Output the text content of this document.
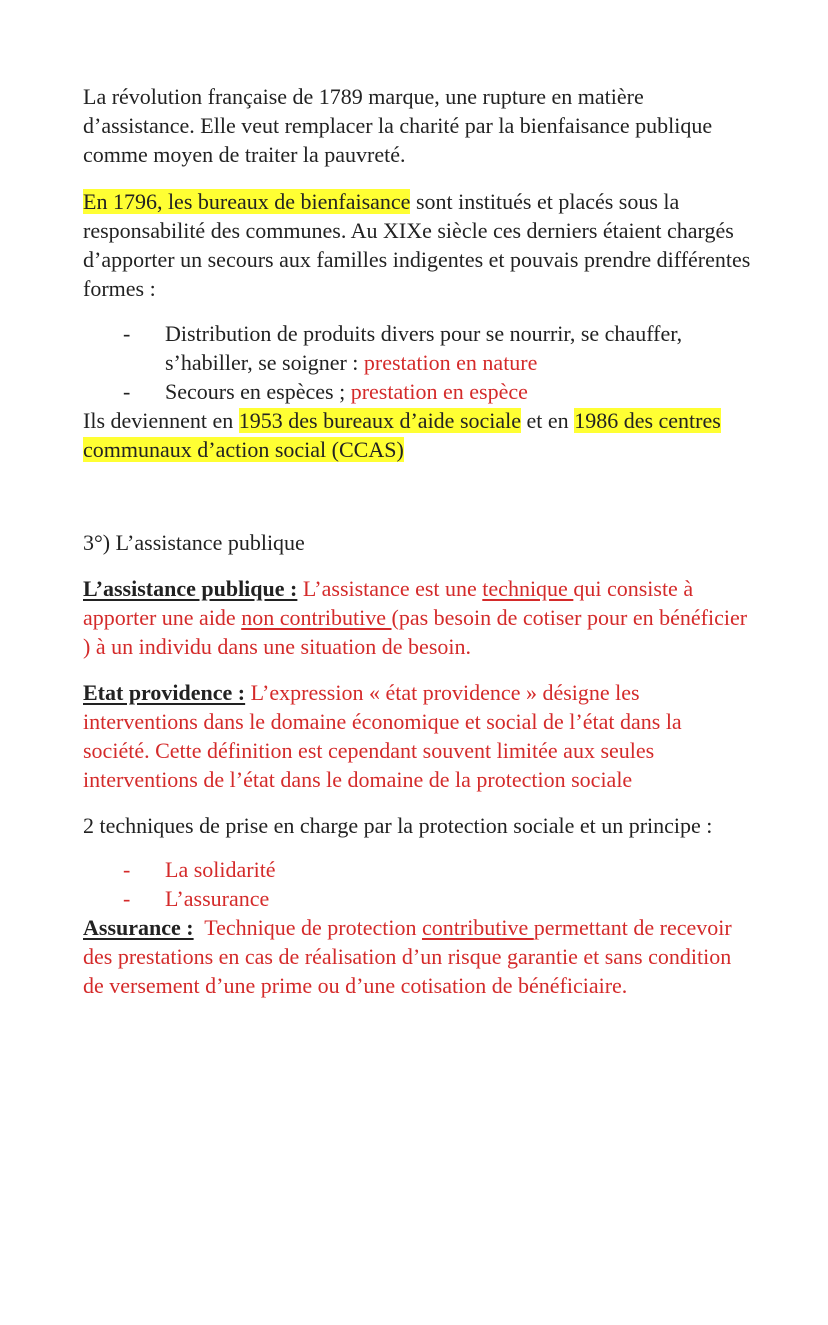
La révolution française de 1789 marque, une rupture en matière d’assistance. Elle veut remplacer la charité par la bienfaisance publique comme moyen de traiter la pauvreté.

En 1796, les bureaux de bienfaisance sont institués et placés sous la responsabilité des communes. Au XIXe siècle ces derniers étaient chargés d’apporter un secours aux familles indigentes et pouvais prendre différentes formes :

- Distribution de produits divers pour se nourrir, se chauffer, s’habiller, se soigner : prestation en nature
- Secours en espèces ; prestation en espèce

Ils deviennent en 1953 des bureaux d’aide sociale et en 1986 des centres communaux d’action social (CCAS)

3°) L’assistance publique

L’assistance publique : L’assistance est une technique qui consiste à apporter une aide non contributive (pas besoin de cotiser pour en bénéficier ) à un individu dans une situation de besoin.

Etat providence : L’expression « état providence » désigne les interventions dans le domaine économique et social de l’état dans la société. Cette définition est cependant souvent limitée aux seules interventions de l’état dans le domaine de la protection sociale

2 techniques de prise en charge par la protection sociale et un principe :

- La solidarité
- L’assurance

Assurance :  Technique de protection contributive permettant de recevoir des prestations en cas de réalisation d’un risque garantie et sans condition de versement d’une prime ou d’une cotisation de bénéficiaire.
